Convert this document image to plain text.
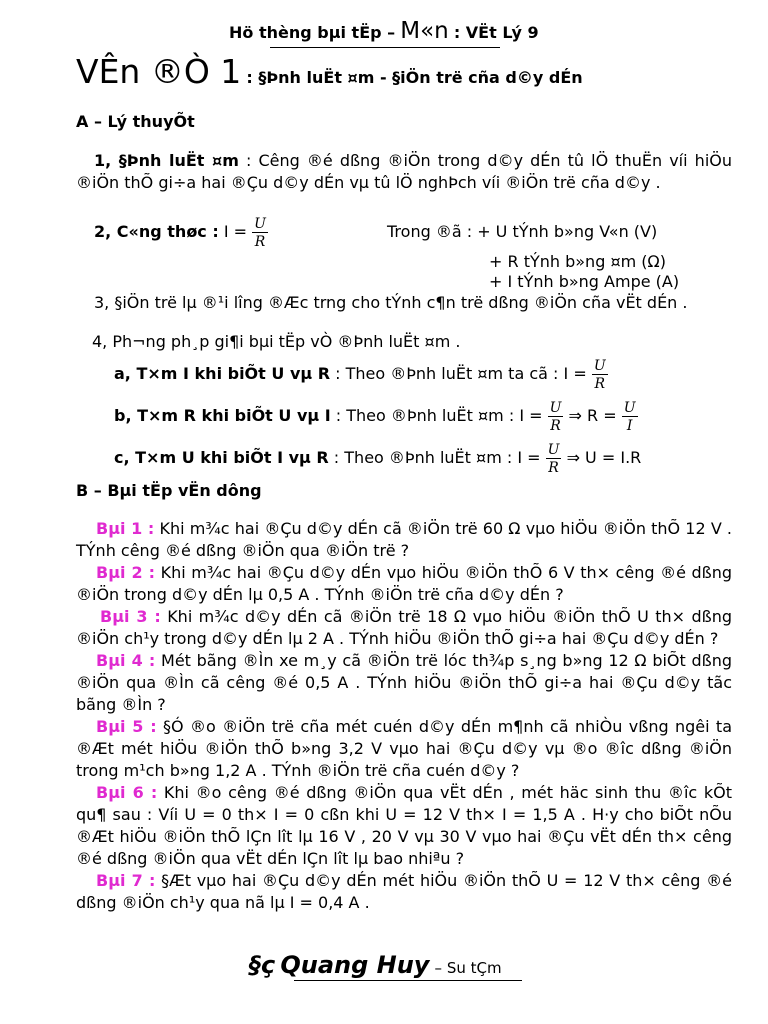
Hö thèng bµi tËp – M«n : VËt Lý 9
VÊn ®Ò 1 : §Þnh luËt ¤m - §iÖn trë cña d©y dÉn
A – Lý thuyÕt
1, §Þnh luËt ¤m : Cêng ®é dßng ®iÖn trong d©y dÉn tû lÖ thuËn víi hiÖu ®iÖn thÕ gi÷a hai ®Çu d©y dÉn vµ tû lÖ nghÞch víi ®iÖn trë cña d©y .
2, C«ng thøc : $I = \frac{U}{R}$	Trong ®ã : + U tÝnh b»ng V«n (V)
+ R tÝnh b»ng ¤m (Ω)
+ I tÝnh b»ng Ampe (A)
3, §iÖn trë lµ ®¹i lîng ®Æc trng cho tÝnh c¶n trë dßng ®iÖn cña vËt dÉn .
4, Ph¬ng ph¸p gi¶i bµi tËp vÒ ®Þnh luËt ¤m .
a, T×m I khi biÕt U vµ R : Theo ®Þnh luËt ¤m ta cã : $I = \frac{U}{R}$
b, T×m R khi biÕt U vµ I : Theo ®Þnh luËt ¤m : $I = \frac{U}{R}$ ⇒ $R = \frac{U}{I}$
c, T×m U khi biÕt I vµ R : Theo ®Þnh luËt ¤m : $I = \frac{U}{R}$ ⇒ U = I.R
B – Bµi tËp vËn dông
Bµi 1 : Khi m¾c hai ®Çu d©y dÉn cã ®iÖn trë 60 Ω vµo hiÖu ®iÖn thÕ 12 V . TÝnh cêng ®é dßng ®iÖn qua ®iÖn trë ?
Bµi 2 : Khi m¾c hai ®Çu d©y dÉn vµo hiÖu ®iÖn thÕ 6 V th× cêng ®é dßng ®iÖn trong d©y dÉn lµ 0,5 A . TÝnh ®iÖn trë cña d©y dÉn ?
Bµi 3 : Khi m¾c d©y dÉn cã ®iÖn trë 18 Ω vµo hiÖu ®iÖn thÕ U th× dßng ®iÖn ch¹y trong d©y dÉn lµ 2 A . TÝnh hiÖu ®iÖn thÕ gi÷a hai ®Çu d©y dÉn ?
Bµi 4 : Mét bãng ®Ìn xe m¸y cã ®iÖn trë lóc th¾p s¸ng b»ng 12 Ω biÕt dßng ®iÖn qua ®Ìn cã cêng ®é 0,5 A . TÝnh hiÖu ®iÖn thÕ gi÷a hai ®Çu d©y tãc bãng ®Ìn ?
Bµi 5 : §Ó ®o ®iÖn trë cña mét cuén d©y dÉn m¶nh cã nhiÒu vßng ngêi ta ®Æt mét hiÖu ®iÖn thÕ b»ng 3,2 V vµo hai ®Çu d©y vµ ®o ®îc dßng ®iÖn trong m¹ch b»ng 1,2 A . TÝnh ®iÖn trë cña cuén d©y ?
Bµi 6 : Khi ®o cêng ®é dßng ®iÖn qua vËt dÉn , mét häc sinh thu ®îc kÕt qu¶ sau : Víi U = 0 th× I = 0 cßn khi U = 12 V th× I = 1,5 A . H·y cho biÕt nÕu ®Æt hiÖu ®iÖn thÕ lÇn lît lµ 16 V , 20 V vµ 30 V vµo hai ®Çu vËt dÉn th× cêng ®é dßng ®iÖn qua vËt dÉn lÇn lît lµ bao nhiªu ?
Bµi 7 : §Æt vµo hai ®Çu d©y dÉn mét hiÖu ®iÖn thÕ U = 12 V th× cêng ®é dßng ®iÖn ch¹y qua nã lµ I = 0,4 A .
§ç Quang Huy – Su tÇm
